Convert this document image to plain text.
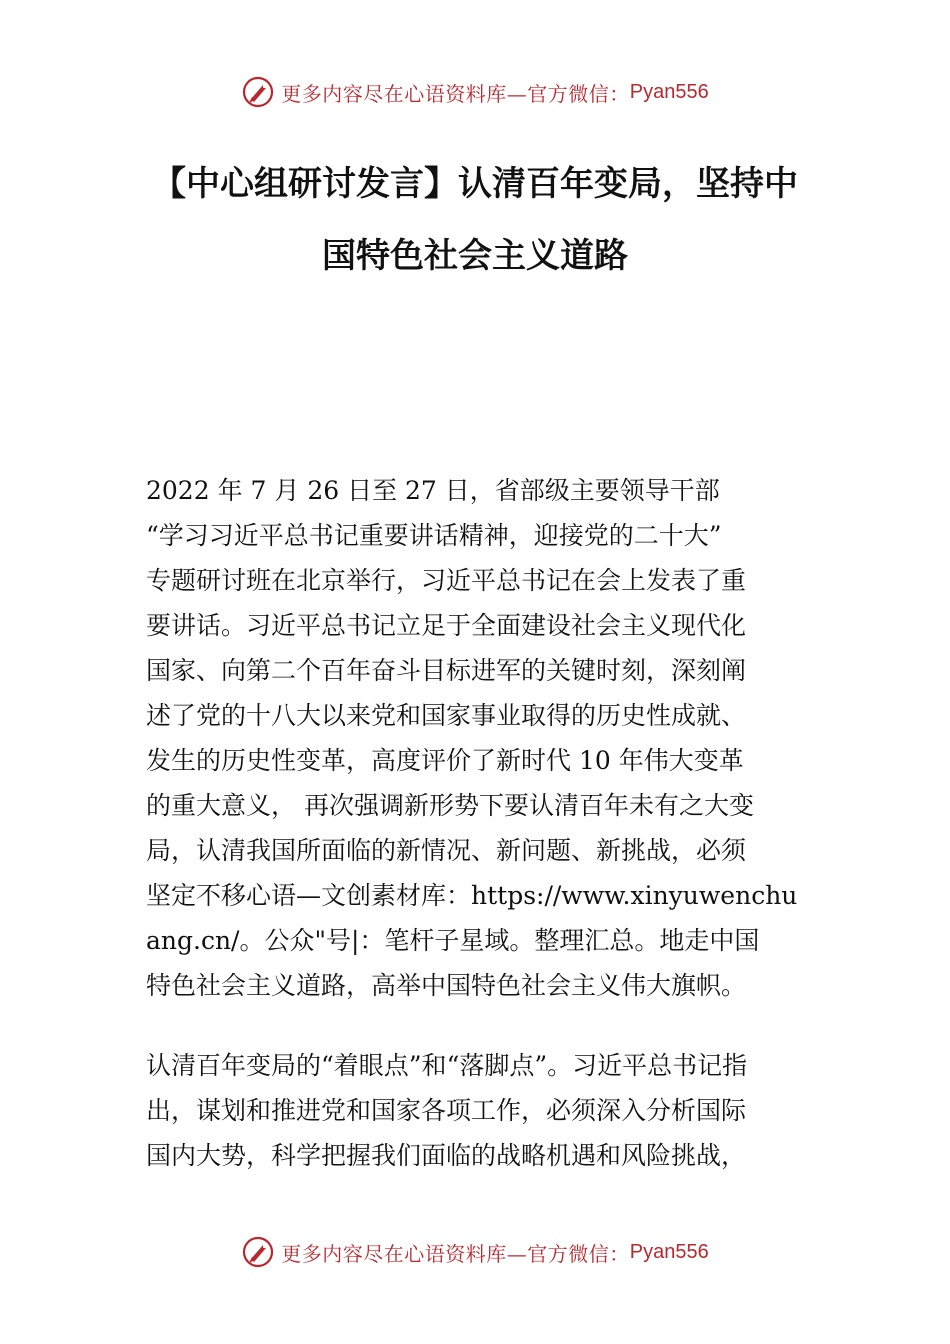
更多内容尽在心语资料库—官方微信： Pyan556
【中心组研讨发言】认清百年变局，坚持中
国特色社会主义道路
2022 年 7 月 26 日至 27 日，省部级主要领导干部
“学习习近平总书记重要讲话精神，迎接党的二十大”
专题研讨班在北京举行，习近平总书记在会上发表了重
要讲话。习近平总书记立足于全面建设社会主义现代化
国家、向第二个百年奋斗目标进军的关键时刻，深刻阐
述了党的十八大以来党和国家事业取得的历史性成就、
发生的历史性变革，高度评价了新时代 10 年伟大变革
的重大意义， 再次强调新形势下要认清百年未有之大变
局，认清我国所面临的新情况、新问题、新挑战，必须
坚定不移心语—文创素材库：https://www.xinyuwenchu
ang.cn/。公众"号|：笔杆子星域。整理汇总。地走中国
特色社会主义道路，高举中国特色社会主义伟大旗帜。
认清百年变局的“着眼点”和“落脚点”。习近平总书记指
出，谋划和推进党和国家各项工作，必须深入分析国际
国内大势，科学把握我们面临的战略机遇和风险挑战，
更多内容尽在心语资料库—官方微信： Pyan556
